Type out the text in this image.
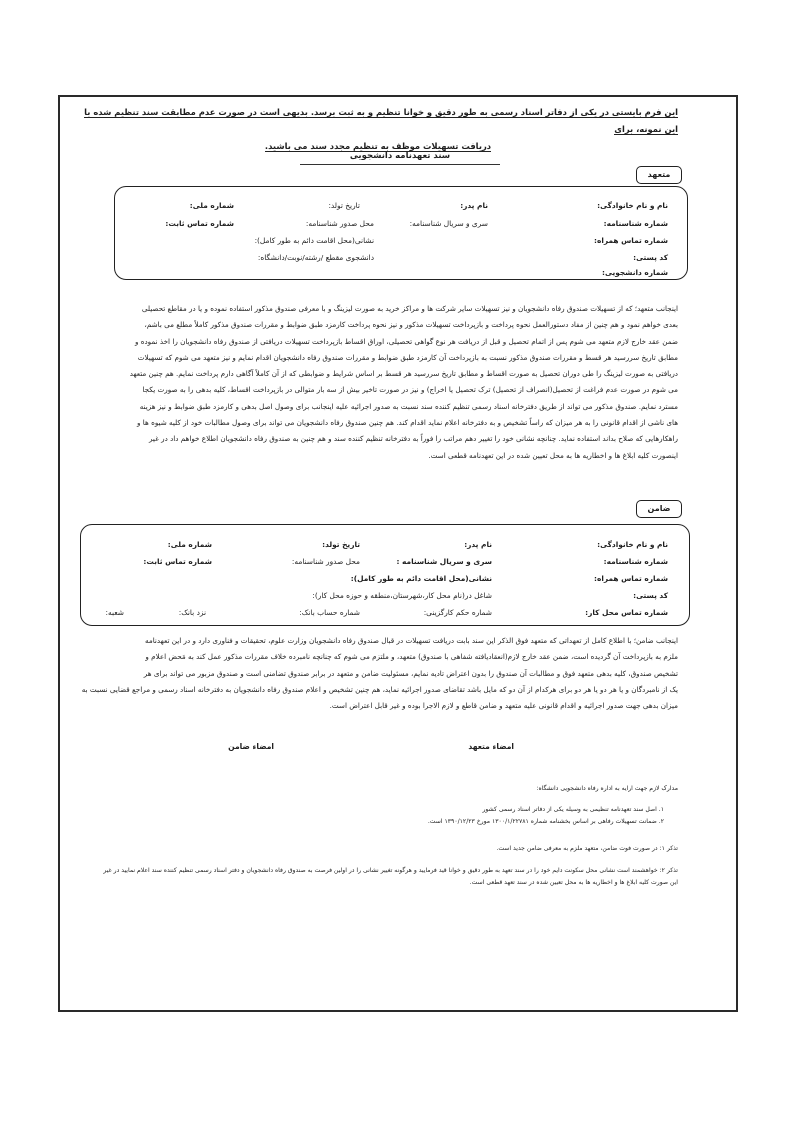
این فرم بایستی در یکی از دفاتر اسناد رسمی به طور دقیق و خوانا تنظیم و به ثبت برسد. بدیهی است در صورت عدم مطابقت سند تنظیم شده با این نمونه، برای

دریافت تسهیلات موظف به تنظیم مجدد سند می باشید.

سند تعهدنامه دانشجویی
متعهد
نام و نام خانوادگی:
نام پدر:
تاریخ تولد:
شماره ملی:
شماره شناسنامه:
سری و سریال شناسنامه:
محل صدور شناسنامه:
شماره تماس ثابت:
شماره تماس همراه:
نشانی(محل اقامت دائم به طور کامل):
کد پستی:
دانشجوی مقطع /رشته/نوبت/دانشگاه:
شماره دانشجویی:

اینجانب متعهد؛ که از تسهیلات صندوق رفاه دانشجویان و نیز تسهیلات سایر شرکت ها و مراکز خرید به صورت لیزینگ و با معرفی صندوق مذکور استفاده نموده و یا در مقاطع تحصیلی

بعدی خواهم نمود و هم چنین از مفاد دستورالعمل نحوه پرداخت و بازپرداخت تسهیلات مذکور و نیز نحوه پرداخت کارمزد طبق ضوابط و مقررات صندوق مذکور کاملاً مطلع می باشم،

ضمن عقد خارج لازم متعهد می شوم پس از اتمام تحصیل و قبل از دریافت هر نوع گواهی تحصیلی، اوراق اقساط بازپرداخت تسهیلات دریافتی از صندوق رفاه دانشجویان را اخذ نموده و

مطابق تاریخ سررسید هر قسط و مقررات صندوق مذکور نسبت به بازپرداخت آن کارمزد طبق ضوابط و مقررات صندوق رفاه دانشجویان اقدام نمایم و نیز متعهد می شوم که تسهیلات

دریافتی به صورت لیزینگ را طی دوران تحصیل به صورت اقساط و مطابق تاریخ سررسید هر قسط بر اساس شرایط و ضوابطی که از آن کاملاً آگاهی دارم پرداخت نمایم. هم چنین متعهد

می شوم در صورت عدم فراغت از تحصیل(انصراف از تحصیل) ترک تحصیل یا اخراج) و نیز در صورت تاخیر بیش از سه بار متوالی در بازپرداخت اقساط، کلیه بدهی را به صورت یکجا

مسترد نمایم. صندوق مذکور می تواند از طریق دفترخانه اسناد رسمی تنظیم کننده سند نسبت به صدور اجرائیه علیه اینجانب برای وصول اصل بدهی و کارمزد طبق ضوابط و نیز هزینه

های ناشی از اقدام قانونی را به هر میزان که راساً تشخیص و به دفترخانه اعلام نماید اقدام کند. هم چنین صندوق رفاه دانشجویان می تواند برای وصول مطالبات خود از کلیه شیوه ها و

راهکارهایی که صلاح بداند استفاده نماید. چنانچه نشانی خود را تغییر دهم مراتب را فوراً به دفترخانه تنظیم کننده سند و هم چنین به صندوق رفاه دانشجویان اطلاع خواهم داد در غیر

اینصورت کلیه ابلاغ ها و اخطاریه ها به محل تعیین شده در این تعهدنامه قطعی است.

ضامن
نام و نام خانوادگی:
نام پدر:
تاریخ تولد:
شماره ملی:
شماره شناسنامه:
سری و سریال شناسنامه :
محل صدور شناسنامه:
شماره تماس ثابت:
شماره تماس همراه:
نشانی(محل اقامت دائم به طور کامل):
کد پستی:
شاغل در(نام محل کار،شهرستان،منطقه و حوزه محل کار):
شماره تماس محل کار:
شماره حکم کارگزینی:
شماره حساب بانک:
نزد بانک:
شعبه:

اینجانب ضامن؛ با اطلاع کامل از تعهداتی که متعهد فوق الذکر این سند بابت دریافت تسهیلات در قبال صندوق رفاه دانشجویان وزارت علوم، تحقیقات و فناوری دارد و در این تعهدنامه

ملزم به بازپرداخت آن گردیده است، ضمن عقد خارج لازم(انعقادیافته شفاهی با صندوق) متعهد، و ملتزم می شوم که چنانچه نامبرده خلاف مقررات مذکور عمل کند به مَحض اعلام و

تشخیص صندوق، کلیه بدهی متعهد فوق و مطالبات آن صندوق را بدون اعتراض تادیه نمایم، مسئولیت ضامن و متعهد در برابر صندوق تضامنی است و صندوق مزبور می تواند برای هر

یک از نامبردگان و یا هر دو یا هر دو برای هرکدام از آن دو که مایل باشد تقاضای صدور اجرائیه نماید، هم چنین تشخیص و اعلام صندوق رفاه دانشجویان به دفترخانه اسناد رسمی و مراجع قضایی نسبت به

میزان بدهی جهت صدور اجرائیه و اقدام قانونی علیه متعهد و ضامن قاطع و لازم الاجرا بوده و غیر قابل اعتراض است.

امضاء متعهد
امضاء ضامن

مدارک لازم جهت ارایه به اداره رفاه دانشجویی دانشگاه:

۱. اصل سند تعهدنامه تنظیمی به وسیله یکی از دفاتر اسناد رسمی کشور

۲. ضمانت تسهیلات رفاهی بر اساس بخشنامه شماره ۱۳۰۰/۱/۲۲۷۸۱ مورخ ۱۳۹۰/۱۲/۲۳ است.

تذکر ۱: در صورت فوت ضامن، متعهد ملزم به معرفی ضامن جدید است.

تذکر ۲: خواهشمند است نشانی محل سکونت دایم خود را در سند تعهد به طور دقیق و خوانا قید فرمایید و هرگونه تغییر نشانی را در اولین فرصت به صندوق رفاه دانشجویان و دفتر اسناد رسمی تنظیم کننده سند اعلام نمایید در غیر

این صورت کلیه ابلاغ ها و اخطاریه ها به محل تعیین شده در سند تعهد قطعی است.
